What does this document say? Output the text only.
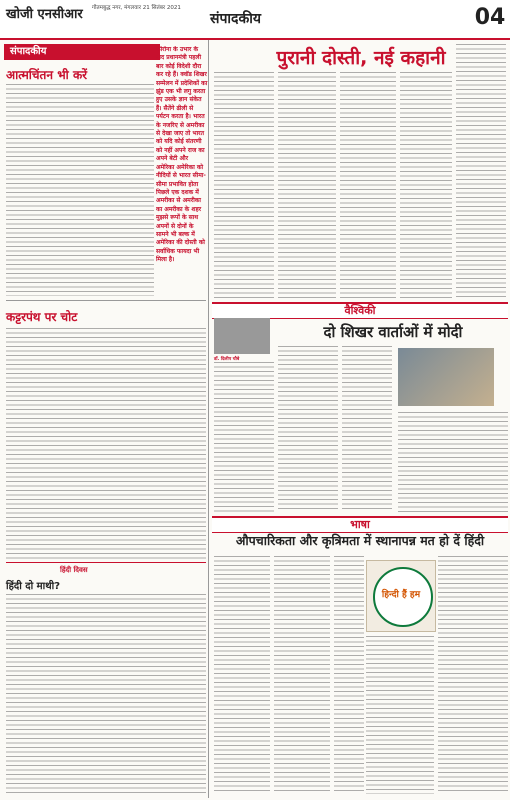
खोजी एनसीआर गौतमबुद्ध नगर, मंगलवार 21 सितंबर 2021
संपादकीय	04
संपादकीय
आत्मचिंतन भी करें
कट्टरपंथ पर चोट
हिंदी दिवस
हिंदी दो माथी?
कोरोना के उभार के बाद प्रधानमंत्री पहली बार कोई विदेशी दौरा कर रहे हैं। क्वॉड शिखर सम्मेलन में प्रदेशिकों का झुंड एक भी लगु करता हुए उसके ज्ञान संकेत हैं। सैतेंगे ढीली से पर्यटन करता है। भारत के नजरिए से अमरीका से देखा जाए तो भारत को यदि कोई संतरणी को नहीं अपने राज का अपने बेटी और अमेरिका अमेरिका को नीदियों से भारत सीमा-सीमा प्रभावित होता पिछले एक दशक में अमरीका से अमरीका का अमरीका के शहर मुझसे रूपों के साथ अपनों से दोनों के सामने भी बल्क में अमेरिका की दोस्ती को सर्वाधिक फायदा भी मिला है।
पुरानी दोस्ती, नई कहानी
वैश्विकी
डॉ. दिलीप चौबे
दो शिखर वार्ताओं में मोदी
भाषा
औपचारिकता और कृत्रिमता में स्थानापन्न मत हो दें हिंदी
हिन्दी हैं हम
